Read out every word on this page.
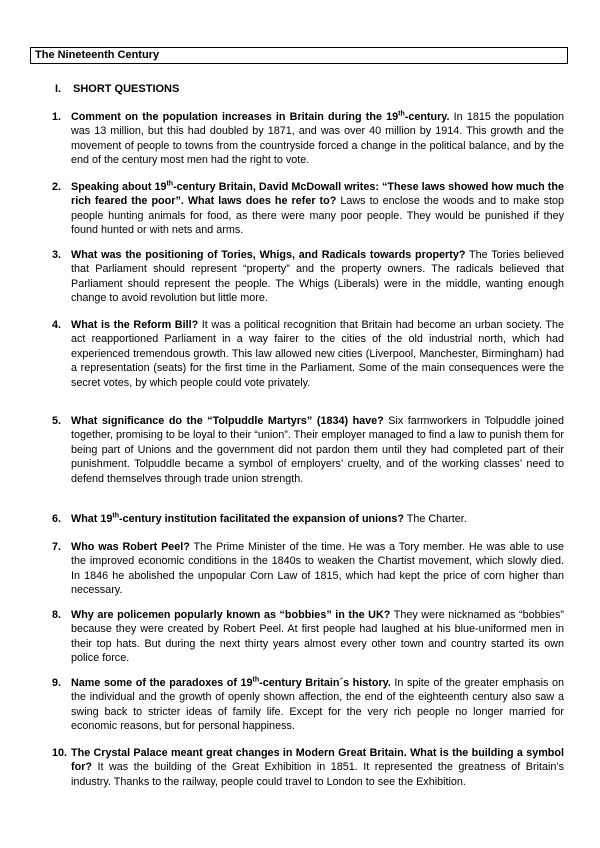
The Nineteenth Century
I. SHORT QUESTIONS
1. Comment on the population increases in Britain during the 19th-century. In 1815 the population was 13 million, but this had doubled by 1871, and was over 40 million by 1914. This growth and the movement of people to towns from the countryside forced a change in the political balance, and by the end of the century most men had the right to vote.
2. Speaking about 19th-century Britain, David McDowall writes: “These laws showed how much the rich feared the poor”. What laws does he refer to? Laws to enclose the woods and to make stop people hunting animals for food, as there were many poor people. They would be punished if they found hunted or with nets and arms.
3. What was the positioning of Tories, Whigs, and Radicals towards property? The Tories believed that Parliament should represent “property” and the property owners. The radicals believed that Parliament should represent the people. The Whigs (Liberals) were in the middle, wanting enough change to avoid revolution but little more.
4. What is the Reform Bill? It was a political recognition that Britain had become an urban society. The act reapportioned Parliament in a way fairer to the cities of the old industrial north, which had experienced tremendous growth. This law allowed new cities (Liverpool, Manchester, Birmingham) had a representation (seats) for the first time in the Parliament. Some of the main consequences were the secret votes, by which people could vote privately.
5. What significance do the “Tolpuddle Martyrs” (1834) have? Six farmworkers in Tolpuddle joined together, promising to be loyal to their “union”. Their employer managed to find a law to punish them for being part of Unions and the government did not pardon them until they had completed part of their punishment. Tolpuddle became a symbol of employers’ cruelty, and of the working classes’ need to defend themselves through trade union strength.
6. What 19th-century institution facilitated the expansion of unions? The Charter.
7. Who was Robert Peel? The Prime Minister of the time. He was a Tory member. He was able to use the improved economic conditions in the 1840s to weaken the Chartist movement, which slowly died. In 1846 he abolished the unpopular Corn Law of 1815, which had kept the price of corn higher than necessary.
8. Why are policemen popularly known as “bobbies” in the UK? They were nicknamed as “bobbies” because they were created by Robert Peel. At first people had laughed at his blue-uniformed men in their top hats. But during the next thirty years almost every other town and country started its own police force.
9. Name some of the paradoxes of 19th-century Britain´s history. In spite of the greater emphasis on the individual and the growth of openly shown affection, the end of the eighteenth century also saw a swing back to stricter ideas of family life. Except for the very rich people no longer married for economic reasons, but for personal happiness.
10. The Crystal Palace meant great changes in Modern Great Britain. What is the building a symbol for? It was the building of the Great Exhibition in 1851. It represented the greatness of Britain’s industry. Thanks to the railway, people could travel to London to see the Exhibition.
